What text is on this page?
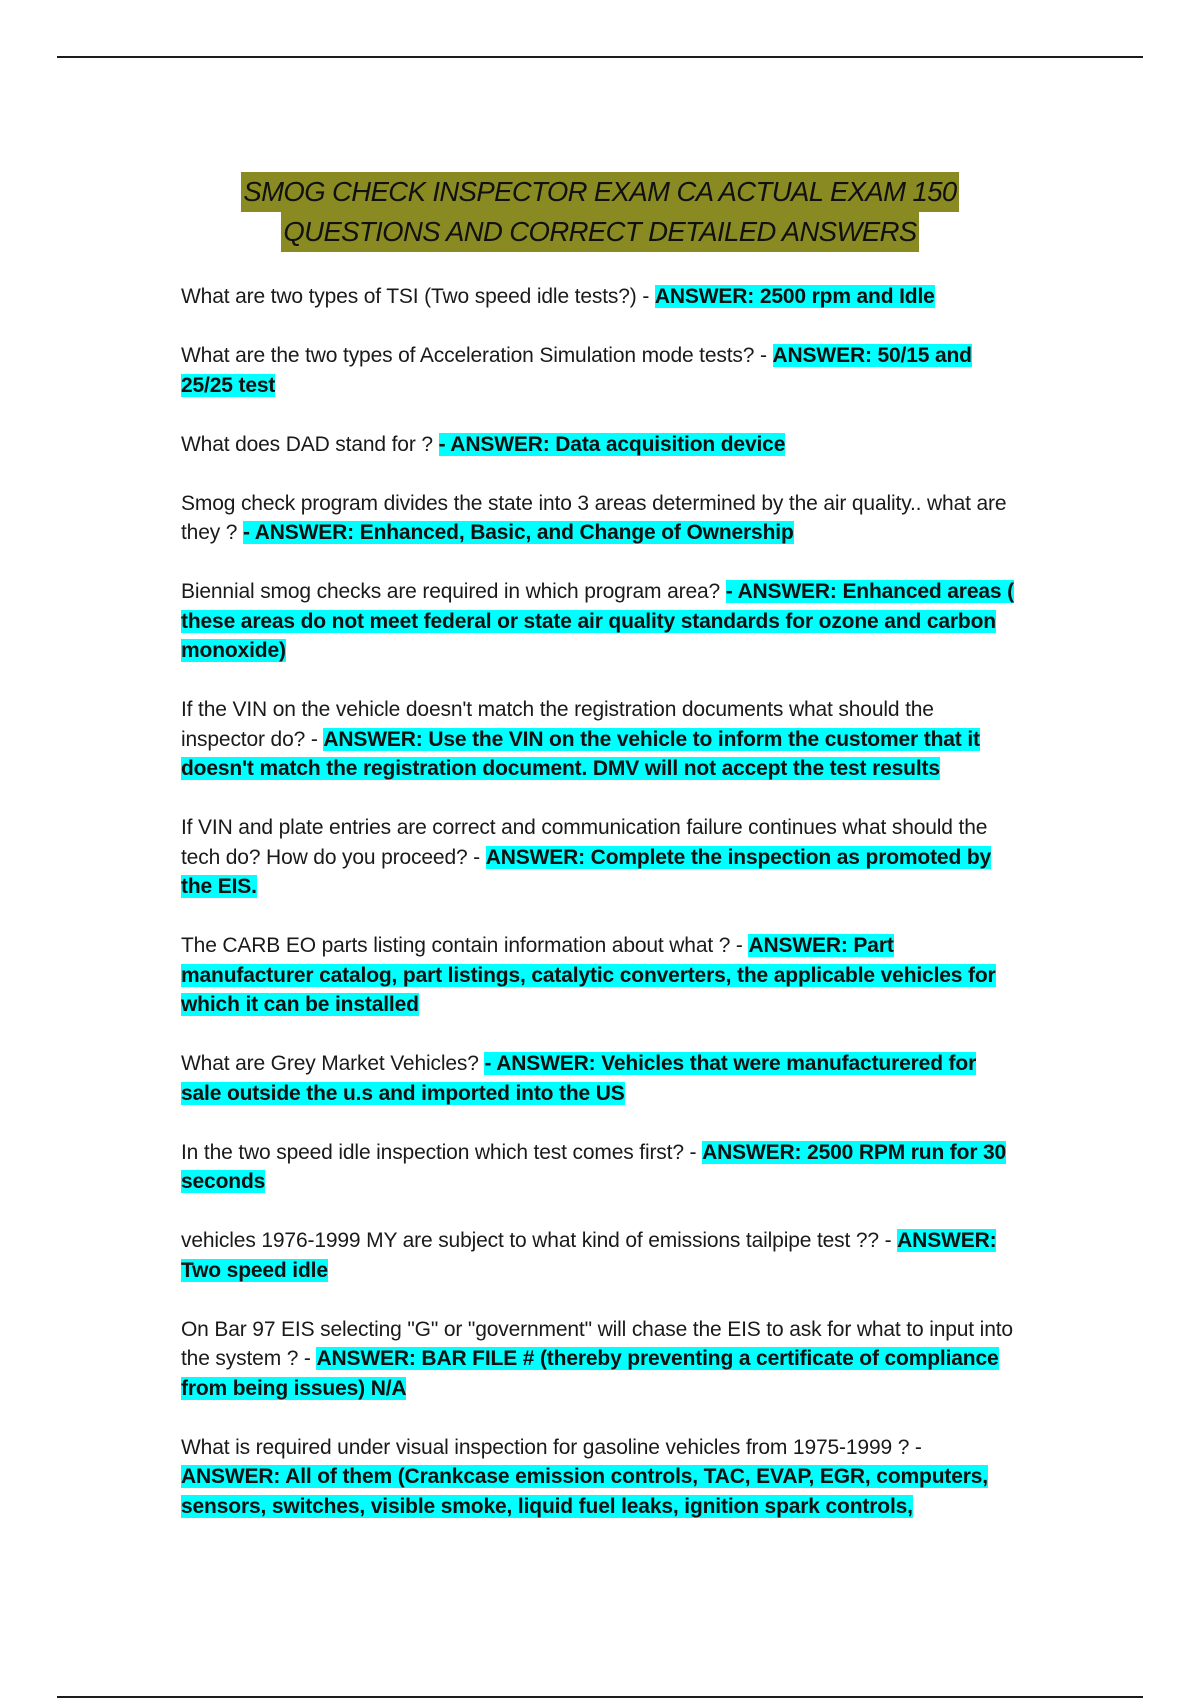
SMOG CHECK INSPECTOR EXAM CA ACTUAL EXAM 150
QUESTIONS AND CORRECT DETAILED ANSWERS

What are two types of TSI (Two speed idle tests?) - ANSWER: 2500 rpm and Idle

What are the two types of Acceleration Simulation mode tests? - ANSWER: 50/15 and 25/25 test

What does DAD stand for ? - ANSWER: Data acquisition device

Smog check program divides the state into 3 areas determined by the air quality.. what are they ? - ANSWER: Enhanced, Basic, and Change of Ownership

Biennial smog checks are required in which program area? - ANSWER: Enhanced areas ( these areas do not meet federal or state air quality standards for ozone and carbon monoxide)

If the VIN on the vehicle doesn't match the registration documents what should the inspector do? - ANSWER: Use the VIN on the vehicle to inform the customer that it doesn't match the registration document. DMV will not accept the test results

If VIN and plate entries are correct and communication failure continues what should the tech do? How do you proceed? - ANSWER: Complete the inspection as promoted by the EIS.

The CARB EO parts listing contain information about what ? - ANSWER: Part manufacturer catalog, part listings, catalytic converters, the applicable vehicles for which it can be installed

What are Grey Market Vehicles? - ANSWER: Vehicles that were manufacturered for sale outside the u.s and imported into the US

In the two speed idle inspection which test comes first? - ANSWER: 2500 RPM run for 30 seconds

vehicles 1976-1999 MY are subject to what kind of emissions tailpipe test ?? - ANSWER: Two speed idle

On Bar 97 EIS selecting "G" or "government" will chase the EIS to ask for what to input into the system ? - ANSWER: BAR FILE # (thereby preventing a certificate of compliance from being issues) N/A

What is required under visual inspection for gasoline vehicles from 1975-1999 ? - ANSWER: All of them (Crankcase emission controls, TAC, EVAP, EGR, computers, sensors, switches, visible smoke, liquid fuel leaks, ignition spark controls,
